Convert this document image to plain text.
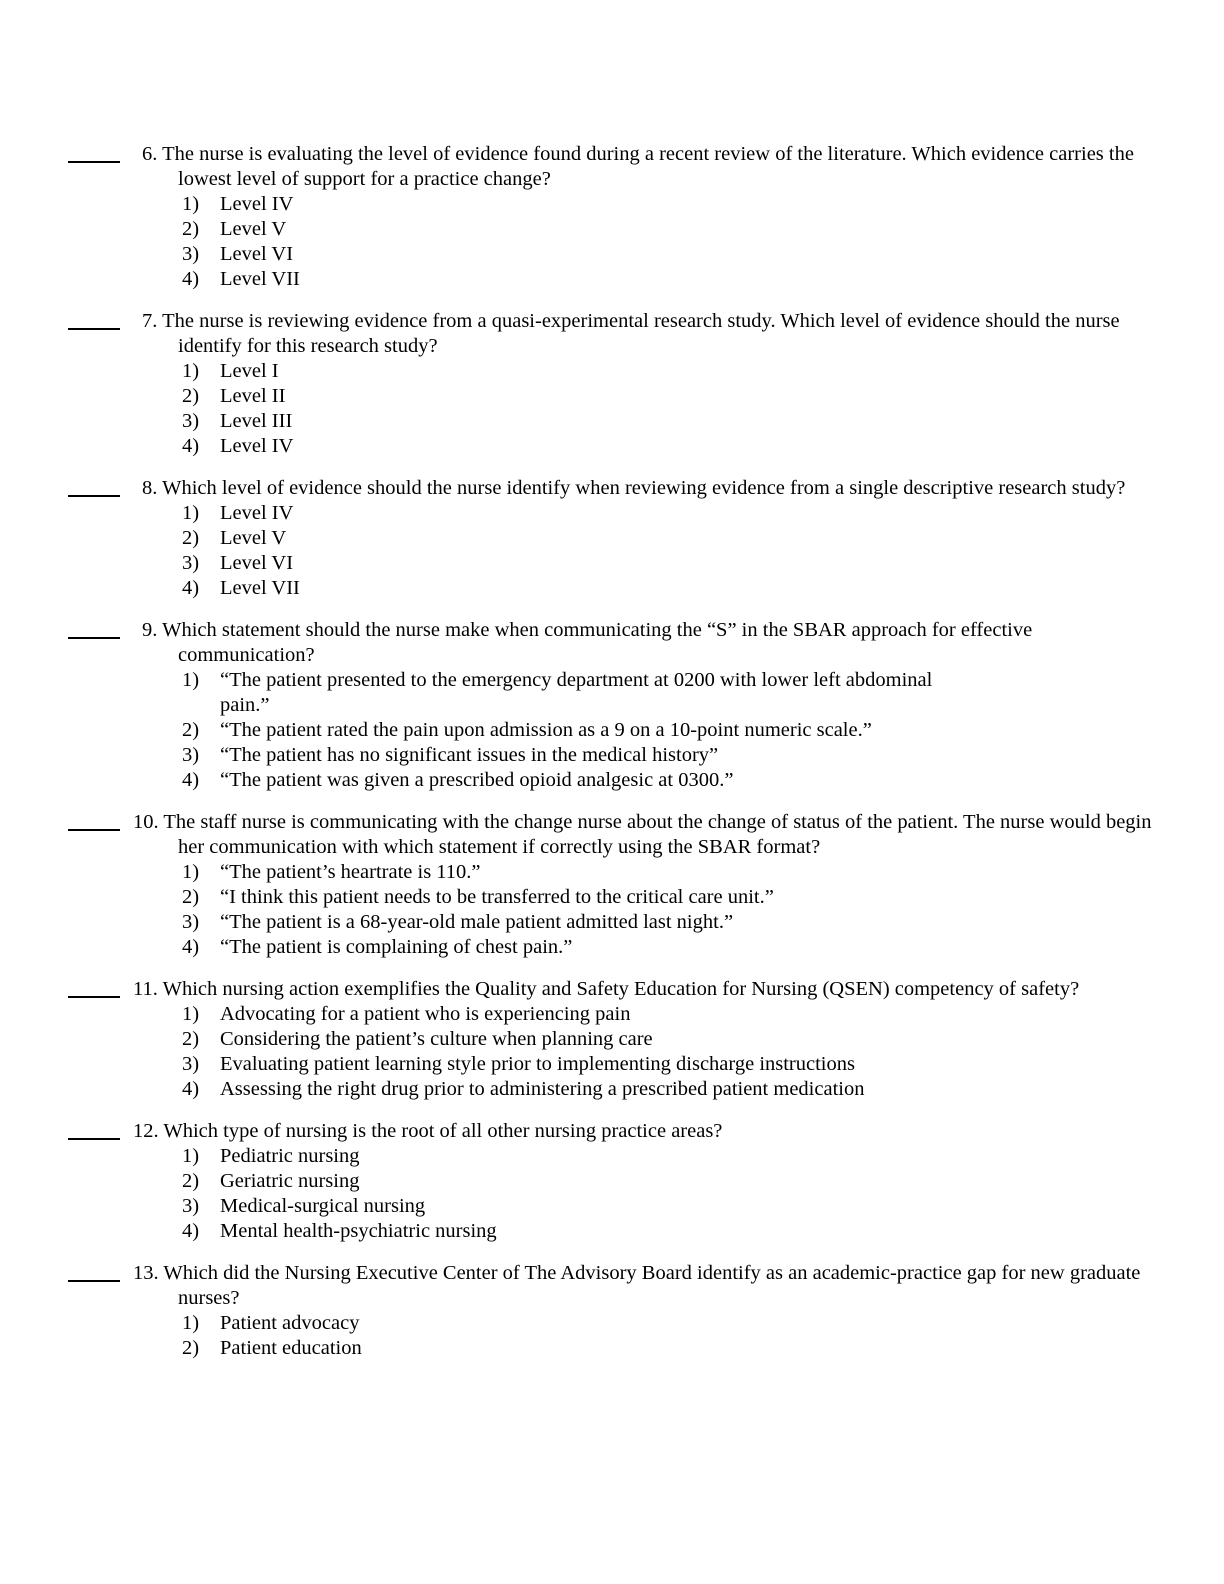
6. The nurse is evaluating the level of evidence found during a recent review of the literature. Which evidence carries the lowest level of support for a practice change?
1) Level IV
2) Level V
3) Level VI
4) Level VII
7. The nurse is reviewing evidence from a quasi-experimental research study. Which level of evidence should the nurse identify for this research study?
1) Level I
2) Level II
3) Level III
4) Level IV
8. Which level of evidence should the nurse identify when reviewing evidence from a single descriptive research study?
1) Level IV
2) Level V
3) Level VI
4) Level VII
9. Which statement should the nurse make when communicating the “S” in the SBAR approach for effective communication?
1) “The patient presented to the emergency department at 0200 with lower left abdominal pain.”
2) “The patient rated the pain upon admission as a 9 on a 10-point numeric scale.”
3) “The patient has no significant issues in the medical history”
4) “The patient was given a prescribed opioid analgesic at 0300.”
10. The staff nurse is communicating with the change nurse about the change of status of the patient. The nurse would begin her communication with which statement if correctly using the SBAR format?
1) “The patient’s heartrate is 110.”
2) “I think this patient needs to be transferred to the critical care unit.”
3) “The patient is a 68-year-old male patient admitted last night.”
4) “The patient is complaining of chest pain.”
11. Which nursing action exemplifies the Quality and Safety Education for Nursing (QSEN) competency of safety?
1) Advocating for a patient who is experiencing pain
2) Considering the patient’s culture when planning care
3) Evaluating patient learning style prior to implementing discharge instructions
4) Assessing the right drug prior to administering a prescribed patient medication
12. Which type of nursing is the root of all other nursing practice areas?
1) Pediatric nursing
2) Geriatric nursing
3) Medical-surgical nursing
4) Mental health-psychiatric nursing
13. Which did the Nursing Executive Center of The Advisory Board identify as an academic-practice gap for new graduate nurses?
1) Patient advocacy
2) Patient education
